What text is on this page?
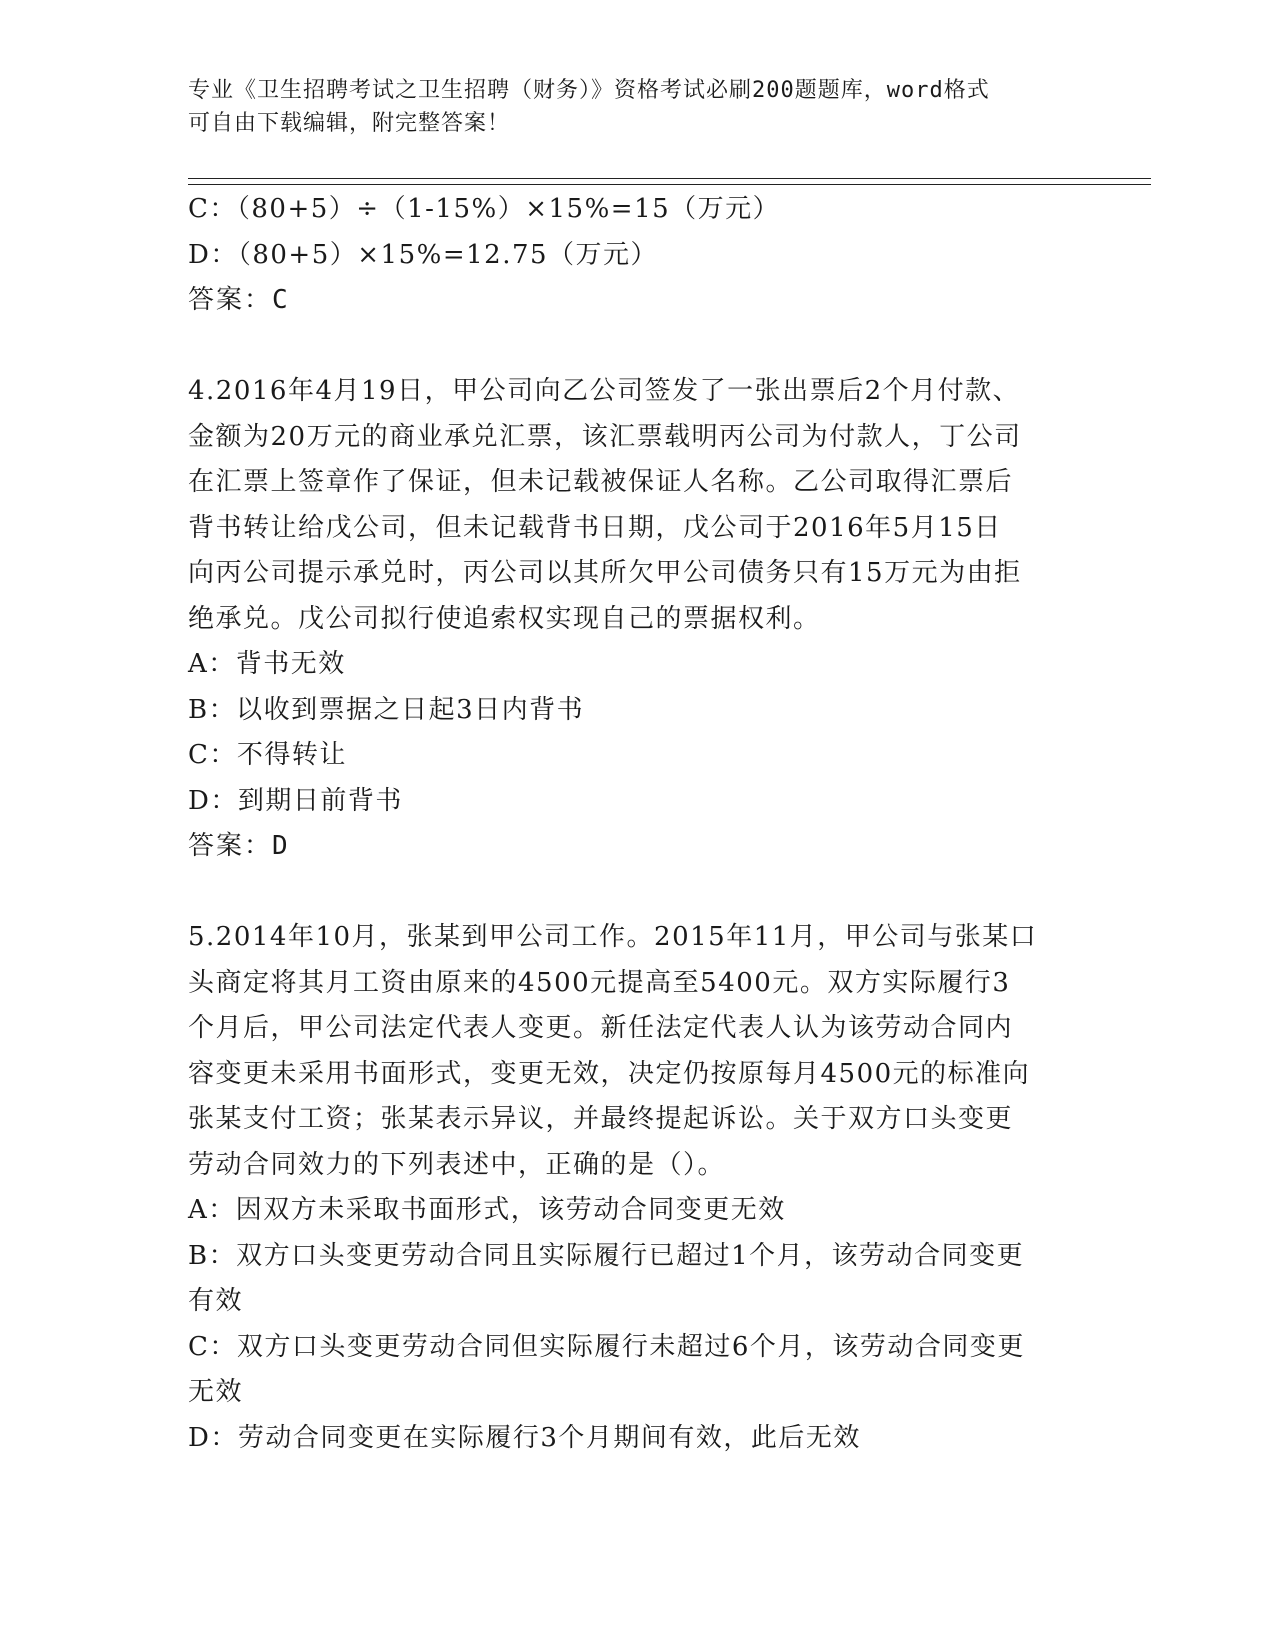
专业《卫生招聘考试之卫生招聘（财务）》资格考试必刷200题题库，word格式
可自由下载编辑，附完整答案！
C：（80+5）÷（1-15%）×15%=15（万元）
D：（80+5）×15%=12.75（万元）
答案：C
4.2016年4月19日，甲公司向乙公司签发了一张出票后2个月付款、
金额为20万元的商业承兑汇票，该汇票载明丙公司为付款人，丁公司
在汇票上签章作了保证，但未记载被保证人名称。乙公司取得汇票后
背书转让给戊公司，但未记载背书日期，戊公司于2016年5月15日
向丙公司提示承兑时，丙公司以其所欠甲公司债务只有15万元为由拒
绝承兑。戊公司拟行使追索权实现自己的票据权利。
A：背书无效
B：以收到票据之日起3日内背书
C：不得转让
D：到期日前背书
答案：D
5.2014年10月，张某到甲公司工作。2015年11月，甲公司与张某口
头商定将其月工资由原来的4500元提高至5400元。双方实际履行3
个月后，甲公司法定代表人变更。新任法定代表人认为该劳动合同内
容变更未采用书面形式，变更无效，决定仍按原每月4500元的标准向
张某支付工资；张某表示异议，并最终提起诉讼。关于双方口头变更
劳动合同效力的下列表述中，正确的是（）。
A：因双方未采取书面形式，该劳动合同变更无效
B：双方口头变更劳动合同且实际履行已超过1个月，该劳动合同变更
有效
C：双方口头变更劳动合同但实际履行未超过6个月，该劳动合同变更
无效
D：劳动合同变更在实际履行3个月期间有效，此后无效
